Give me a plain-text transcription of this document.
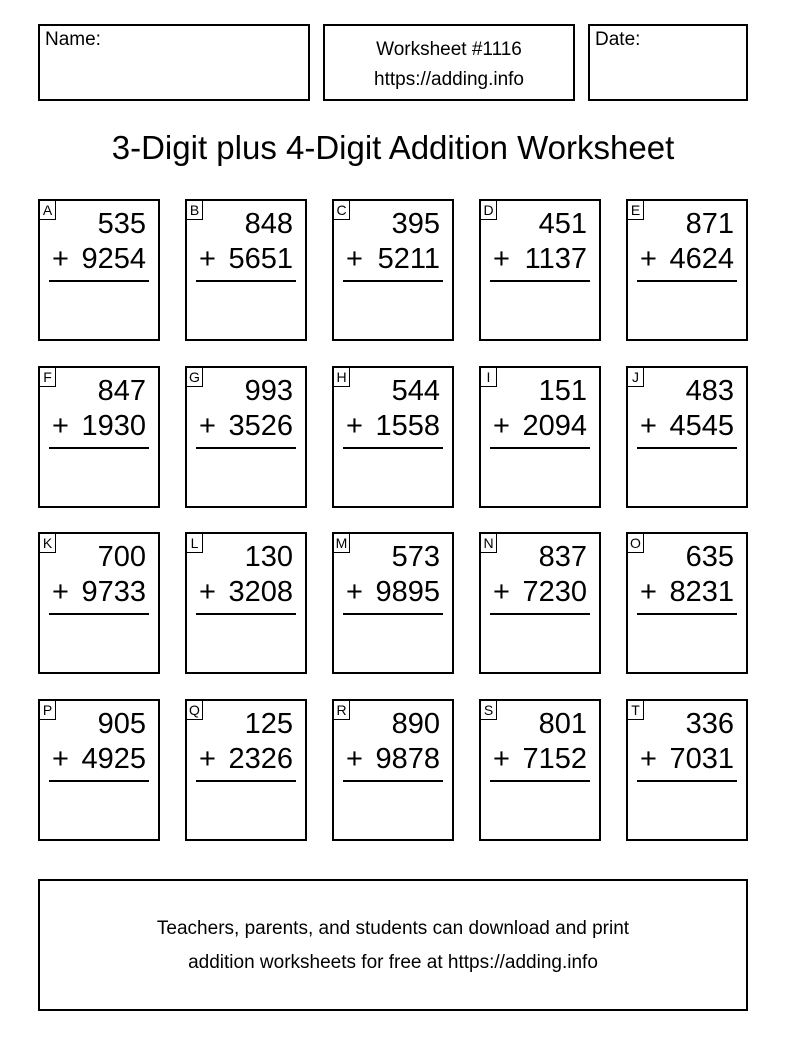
Name:	Worksheet #1116
https://adding.info
Date:
3-Digit plus 4-Digit Addition Worksheet
A 535
+ 9254
B 848
+ 5651
C 395
+ 5211
D 451
+ 1137
E 871
+ 4624
F 847
+ 1930
G 993
+ 3526
H 544
+ 1558
I 151
+ 2094
J 483
+ 4545
K 700
+ 9733
L 130
+ 3208
M 573
+ 9895
N 837
+ 7230
O 635
+ 8231
P 905
+ 4925
Q 125
+ 2326
R 890
+ 9878
S 801
+ 7152
T 336
+ 7031
Teachers, parents, and students can download and print
addition worksheets for free at https://adding.info
